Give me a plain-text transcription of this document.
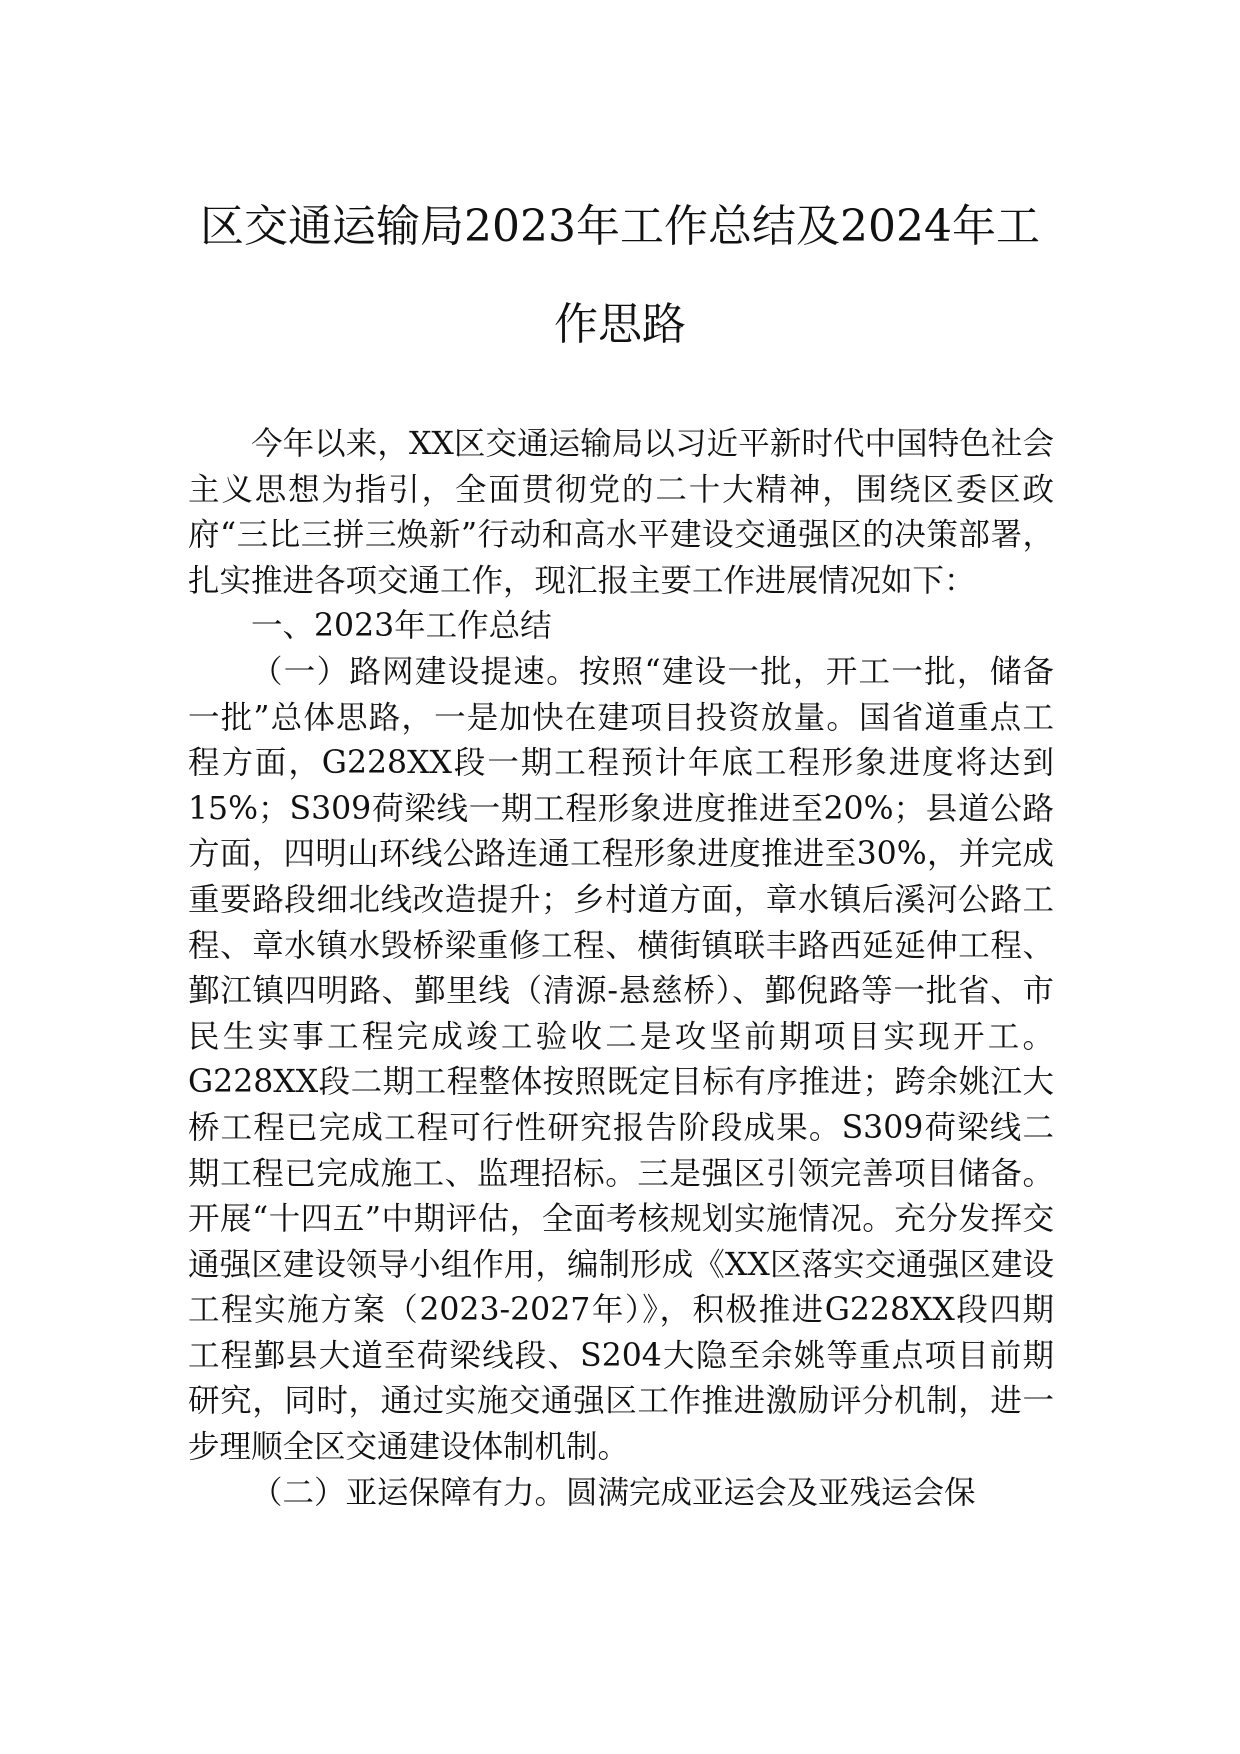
区交通运输局2023年工作总结及2024年工
作思路

今年以来，XX区交通运输局以习近平新时代中国特色社会主义思想为指引，全面贯彻党的二十大精神，围绕区委区政府“三比三拼三焕新”行动和高水平建设交通强区的决策部署，扎实推进各项交通工作，现汇报主要工作进展情况如下：

一、2023年工作总结

（一）路网建设提速。按照“建设一批，开工一批，储备一批”总体思路，一是加快在建项目投资放量。国省道重点工程方面，G228XX段一期工程预计年底工程形象进度将达到15%；S309荷梁线一期工程形象进度推进至20%；县道公路方面，四明山环线公路连通工程形象进度推进至30%，并完成重要路段细北线改造提升；乡村道方面，章水镇后溪河公路工程、章水镇水毁桥梁重修工程、横街镇联丰路西延延伸工程、鄞江镇四明路、鄞里线（清源-悬慈桥）、鄞倪路等一批省、市民生实事工程完成竣工验收二是攻坚前期项目实现开工。G228XX段二期工程整体按照既定目标有序推进；跨余姚江大桥工程已完成工程可行性研究报告阶段成果。S309荷梁线二期工程已完成施工、监理招标。三是强区引领完善项目储备。开展“十四五”中期评估，全面考核规划实施情况。充分发挥交通强区建设领导小组作用，编制形成《XX区落实交通强区建设工程实施方案（2023-2027年）》，积极推进G228XX段四期工程鄞县大道至荷梁线段、S204大隐至余姚等重点项目前期研究，同时，通过实施交通强区工作推进激励评分机制，进一步理顺全区交通建设体制机制。

（二）亚运保障有力。圆满完成亚运会及亚残运会保
